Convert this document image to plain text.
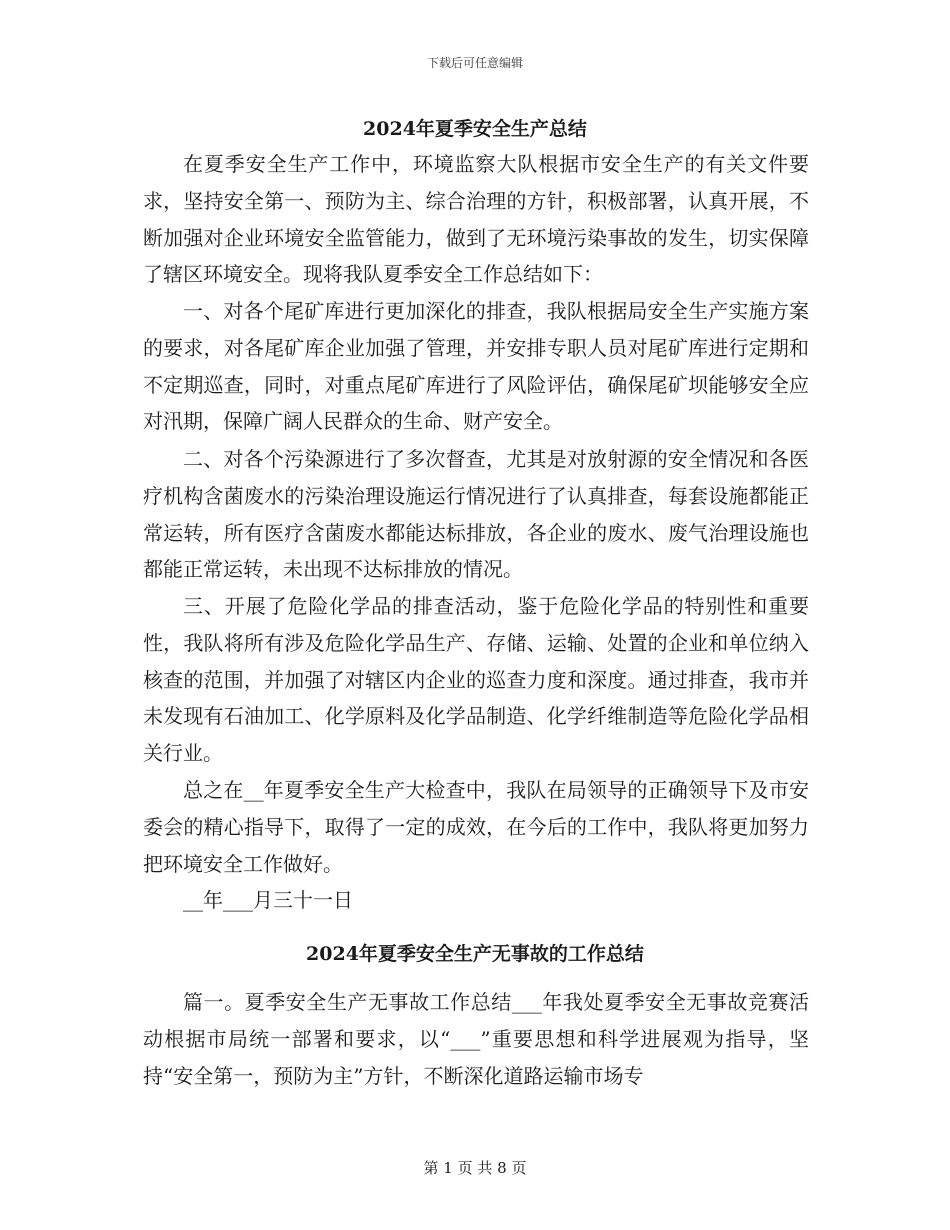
下载后可任意编辑
2024年夏季安全生产总结

在夏季安全生产工作中，环境监察大队根据市安全生产的有关文件要求，坚持安全第一、预防为主、综合治理的方针，积极部署，认真开展，不断加强对企业环境安全监管能力，做到了无环境污染事故的发生，切实保障了辖区环境安全。现将我队夏季安全工作总结如下：

一、对各个尾矿库进行更加深化的排查，我队根据局安全生产实施方案的要求，对各尾矿库企业加强了管理，并安排专职人员对尾矿库进行定期和不定期巡查，同时，对重点尾矿库进行了风险评估，确保尾矿坝能够安全应对汛期，保障广阔人民群众的生命、财产安全。

二、对各个污染源进行了多次督查，尤其是对放射源的安全情况和各医疗机构含菌废水的污染治理设施运行情况进行了认真排查，每套设施都能正常运转，所有医疗含菌废水都能达标排放，各企业的废水、废气治理设施也都能正常运转，未出现不达标排放的情况。

三、开展了危险化学品的排查活动，鉴于危险化学品的特别性和重要性，我队将所有涉及危险化学品生产、存储、运输、处置的企业和单位纳入核查的范围，并加强了对辖区内企业的巡查力度和深度。通过排查，我市并未发现有石油加工、化学原料及化学品制造、化学纤维制造等危险化学品相关行业。

总之在__年夏季安全生产大检查中，我队在局领导的正确领导下及市安委会的精心指导下，取得了一定的成效，在今后的工作中，我队将更加努力把环境安全工作做好。

__年___月三十一日

2024年夏季安全生产无事故的工作总结

篇一。夏季安全生产无事故工作总结___年我处夏季安全无事故竞赛活动根据市局统一部署和要求，以“___”重要思想和科学进展观为指导，坚持“安全第一，预防为主”方针，不断深化道路运输市场专

第 1 页 共 8 页
